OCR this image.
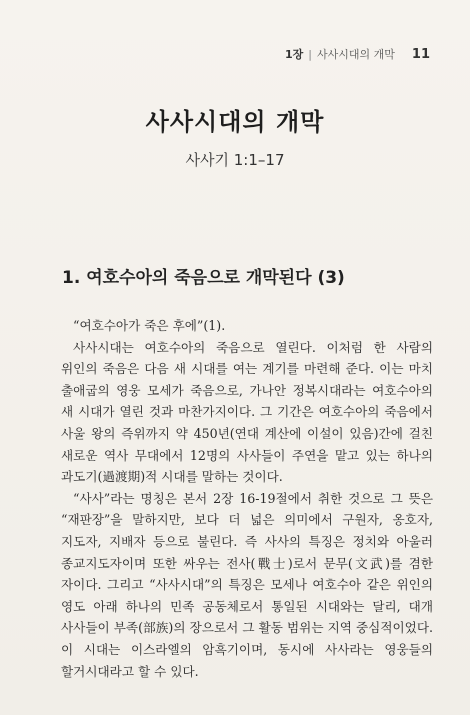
1장 | 사사시대의 개막 11
사사시대의 개막
사사기 1:1–17
1. 여호수아의 죽음으로 개막된다 (3)

“여호수아가 죽은 후에”(1).

사사시대는 여호수아의 죽음으로 열린다. 이처럼 한 사람의 위인의 죽음은 다음 새 시대를 여는 계기를 마련해 준다. 이는 마치 출애굽의 영웅 모세가 죽음으로, 가나안 정복시대라는 여호수아의 새 시대가 열린 것과 마찬가지이다. 그 기간은 여호수아의 죽음에서 사울 왕의 즉위까지 약 450년(연대 계산에 이설이 있음)간에 걸친 새로운 역사 무대에서 12명의 사사들이 주연을 맡고 있는 하나의 과도기(過渡期)적 시대를 말하는 것이다.

“사사”라는 명칭은 본서 2장 16-19절에서 취한 것으로 그 뜻은 “재판장”을 말하지만, 보다 더 넓은 의미에서 구원자, 옹호자, 지도자, 지배자 등으로 불린다. 즉 사사의 특징은 정치와 아울러 종교지도자이며 또한 싸우는 전사(戰士)로서 문무(文武)를 겸한 자이다. 그리고 “사사시대”의 특징은 모세나 여호수아 같은 위인의 영도 아래 하나의 민족 공동체로서 통일된 시대와는 달리, 대개 사사들이 부족(部族)의 장으로서 그 활동 범위는 지역 중심적이었다. 이 시대는 이스라엘의 암흑기이며, 동시에 사사라는 영웅들의 할거시대라고 할 수 있다.
